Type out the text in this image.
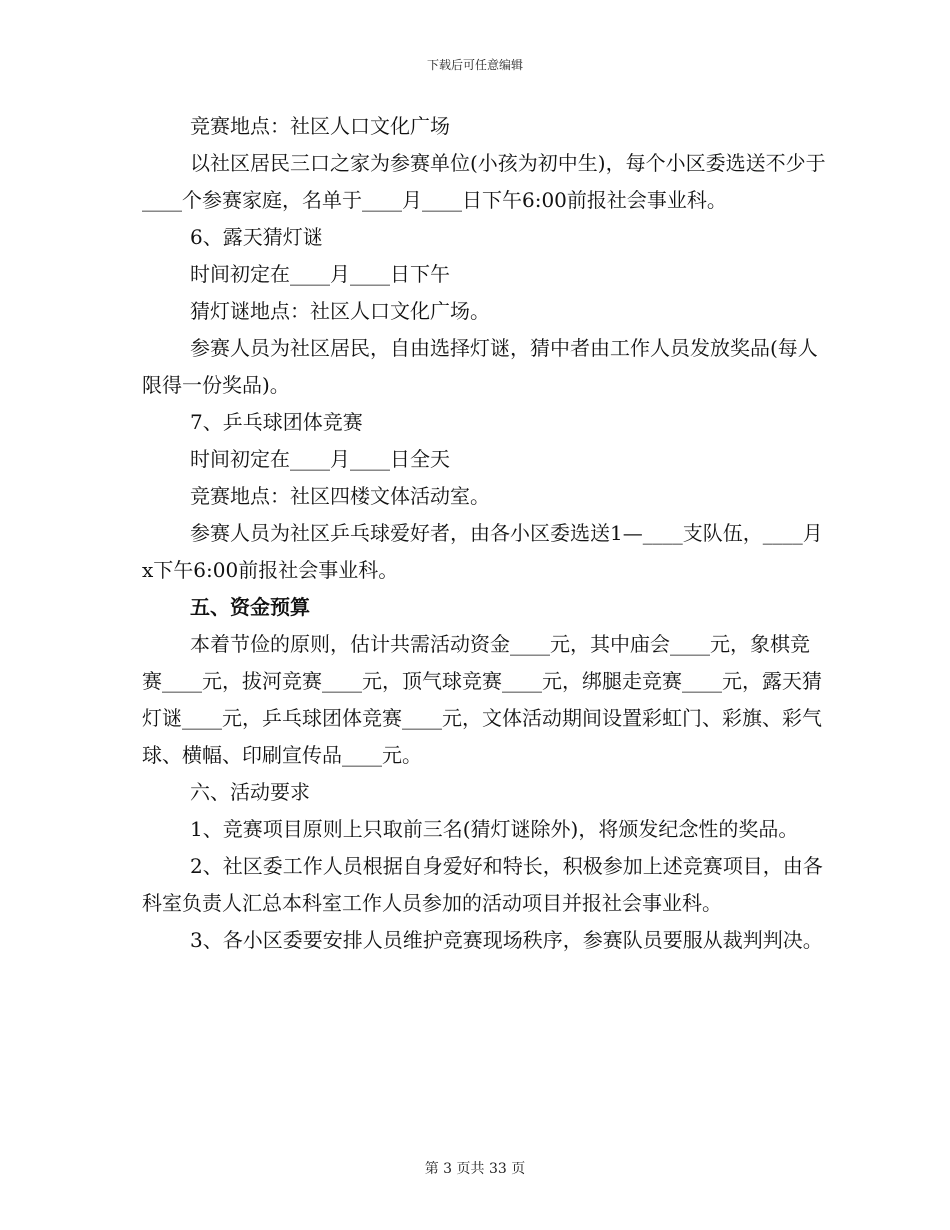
下载后可任意编辑

竞赛地点：社区人口文化广场

以社区居民三口之家为参赛单位(小孩为初中生)，每个小区委选送不少于____个参赛家庭，名单于____月____日下午6:00前报社会事业科。

6、露天猜灯谜

时间初定在____月____日下午

猜灯谜地点：社区人口文化广场。

参赛人员为社区居民，自由选择灯谜，猜中者由工作人员发放奖品(每人限得一份奖品)。

7、乒乓球团体竞赛

时间初定在____月____日全天

竞赛地点：社区四楼文体活动室。

参赛人员为社区乒乓球爱好者，由各小区委选送1—____支队伍，____月x下午6:00前报社会事业科。

五、资金预算

本着节俭的原则，估计共需活动资金____元，其中庙会____元，象棋竞赛____元，拔河竞赛____元，顶气球竞赛____元，绑腿走竞赛____元，露天猜灯谜____元，乒乓球团体竞赛____元，文体活动期间设置彩虹门、彩旗、彩气球、横幅、印刷宣传品____元。

六、活动要求

1、竞赛项目原则上只取前三名(猜灯谜除外)，将颁发纪念性的奖品。

2、社区委工作人员根据自身爱好和特长，积极参加上述竞赛项目，由各科室负责人汇总本科室工作人员参加的活动项目并报社会事业科。

3、各小区委要安排人员维护竞赛现场秩序，参赛队员要服从裁判判决。

第 3 页共 33 页
